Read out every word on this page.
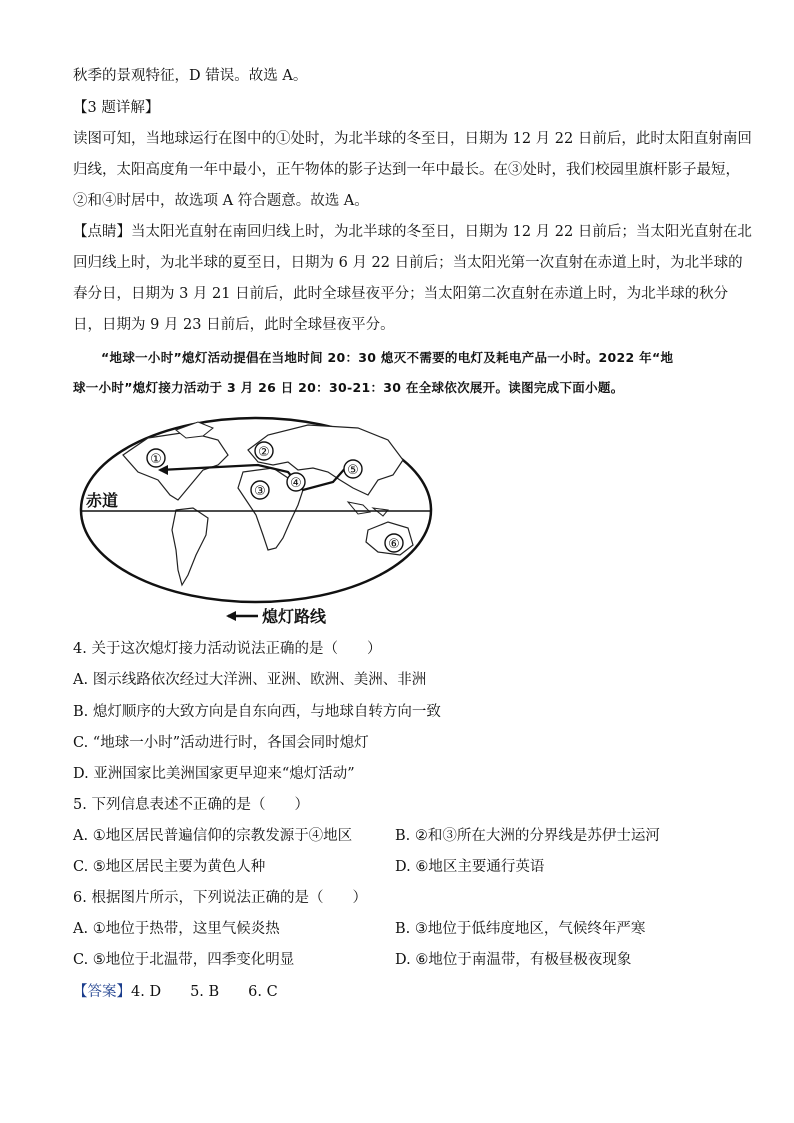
秋季的景观特征，D 错误。故选 A。
【3 题详解】
读图可知，当地球运行在图中的①处时，为北半球的冬至日，日期为 12 月 22 日前后，此时太阳直射南回
归线，太阳高度角一年中最小，正午物体的影子达到一年中最长。在③处时，我们校园里旗杆影子最短，
②和④时居中，故选项 A 符合题意。故选 A。
【点睛】当太阳光直射在南回归线上时，为北半球的冬至日，日期为 12 月 22 日前后；当太阳光直射在北
回归线上时，为北半球的夏至日，日期为 6 月 22 日前后；当太阳光第一次直射在赤道上时，为北半球的
春分日，日期为 3 月 21 日前后，此时全球昼夜平分；当太阳第二次直射在赤道上时，为北半球的秋分
日，日期为 9 月 23 日前后，此时全球昼夜平分。
“地球一小时”熄灯活动提倡在当地时间 20：30 熄灭不需要的电灯及耗电产品一小时。2022 年“地
球一小时”熄灯接力活动于 3 月 26 日 20：30-21：30 在全球依次展开。读图完成下面小题。
赤道
①	②
③
④
⑤
⑥
熄灯路线
4. 关于这次熄灯接力活动说法正确的是（　　）
A. 图示线路依次经过大洋洲、亚洲、欧洲、美洲、非洲
B. 熄灯顺序的大致方向是自东向西，与地球自转方向一致
C. “地球一小时”活动进行时，各国会同时熄灯
D. 亚洲国家比美洲国家更早迎来“熄灯活动”
5. 下列信息表述不正确的是（　　）
A. ①地区居民普遍信仰的宗教发源于④地区	B. ②和③所在大洲的分界线是苏伊士运河
C. ⑤地区居民主要为黄色人种	D. ⑥地区主要通行英语
6. 根据图片所示，下列说法正确的是（　　）
A. ①地位于热带，这里气候炎热	B. ③地位于低纬度地区，气候终年严寒
C. ⑤地位于北温带，四季变化明显	D. ⑥地位于南温带，有极昼极夜现象
【答案】4. D　　5. B　　6. C
